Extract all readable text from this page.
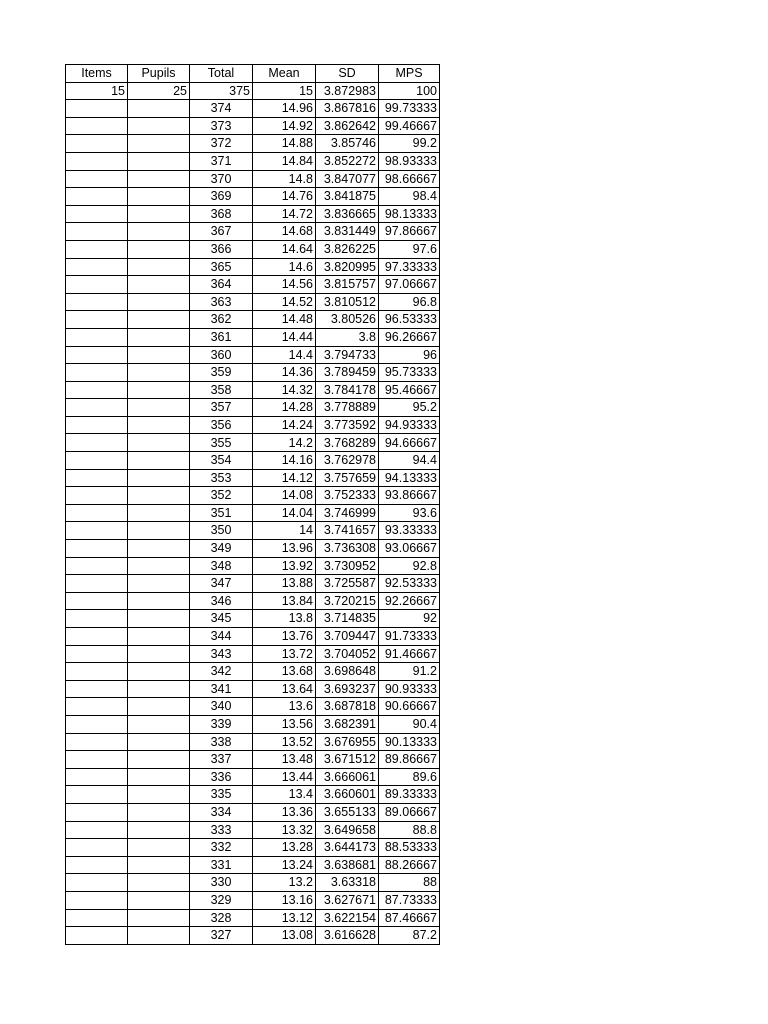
Items	Pupils	Total	Mean	SD	MPS
15	25	375	15	3.872983	100
		374	14.96	3.867816	99.73333
		373	14.92	3.862642	99.46667
		372	14.88	3.85746	99.2
		371	14.84	3.852272	98.93333
		370	14.8	3.847077	98.66667
		369	14.76	3.841875	98.4
		368	14.72	3.836665	98.13333
		367	14.68	3.831449	97.86667
		366	14.64	3.826225	97.6
		365	14.6	3.820995	97.33333
		364	14.56	3.815757	97.06667
		363	14.52	3.810512	96.8
		362	14.48	3.80526	96.53333
		361	14.44	3.8	96.26667
		360	14.4	3.794733	96
		359	14.36	3.789459	95.73333
		358	14.32	3.784178	95.46667
		357	14.28	3.778889	95.2
		356	14.24	3.773592	94.93333
		355	14.2	3.768289	94.66667
		354	14.16	3.762978	94.4
		353	14.12	3.757659	94.13333
		352	14.08	3.752333	93.86667
		351	14.04	3.746999	93.6
		350	14	3.741657	93.33333
		349	13.96	3.736308	93.06667
		348	13.92	3.730952	92.8
		347	13.88	3.725587	92.53333
		346	13.84	3.720215	92.26667
		345	13.8	3.714835	92
		344	13.76	3.709447	91.73333
		343	13.72	3.704052	91.46667
		342	13.68	3.698648	91.2
		341	13.64	3.693237	90.93333
		340	13.6	3.687818	90.66667
		339	13.56	3.682391	90.4
		338	13.52	3.676955	90.13333
		337	13.48	3.671512	89.86667
		336	13.44	3.666061	89.6
		335	13.4	3.660601	89.33333
		334	13.36	3.655133	89.06667
		333	13.32	3.649658	88.8
		332	13.28	3.644173	88.53333
		331	13.24	3.638681	88.26667
		330	13.2	3.63318	88
		329	13.16	3.627671	87.73333
		328	13.12	3.622154	87.46667
		327	13.08	3.616628	87.2
